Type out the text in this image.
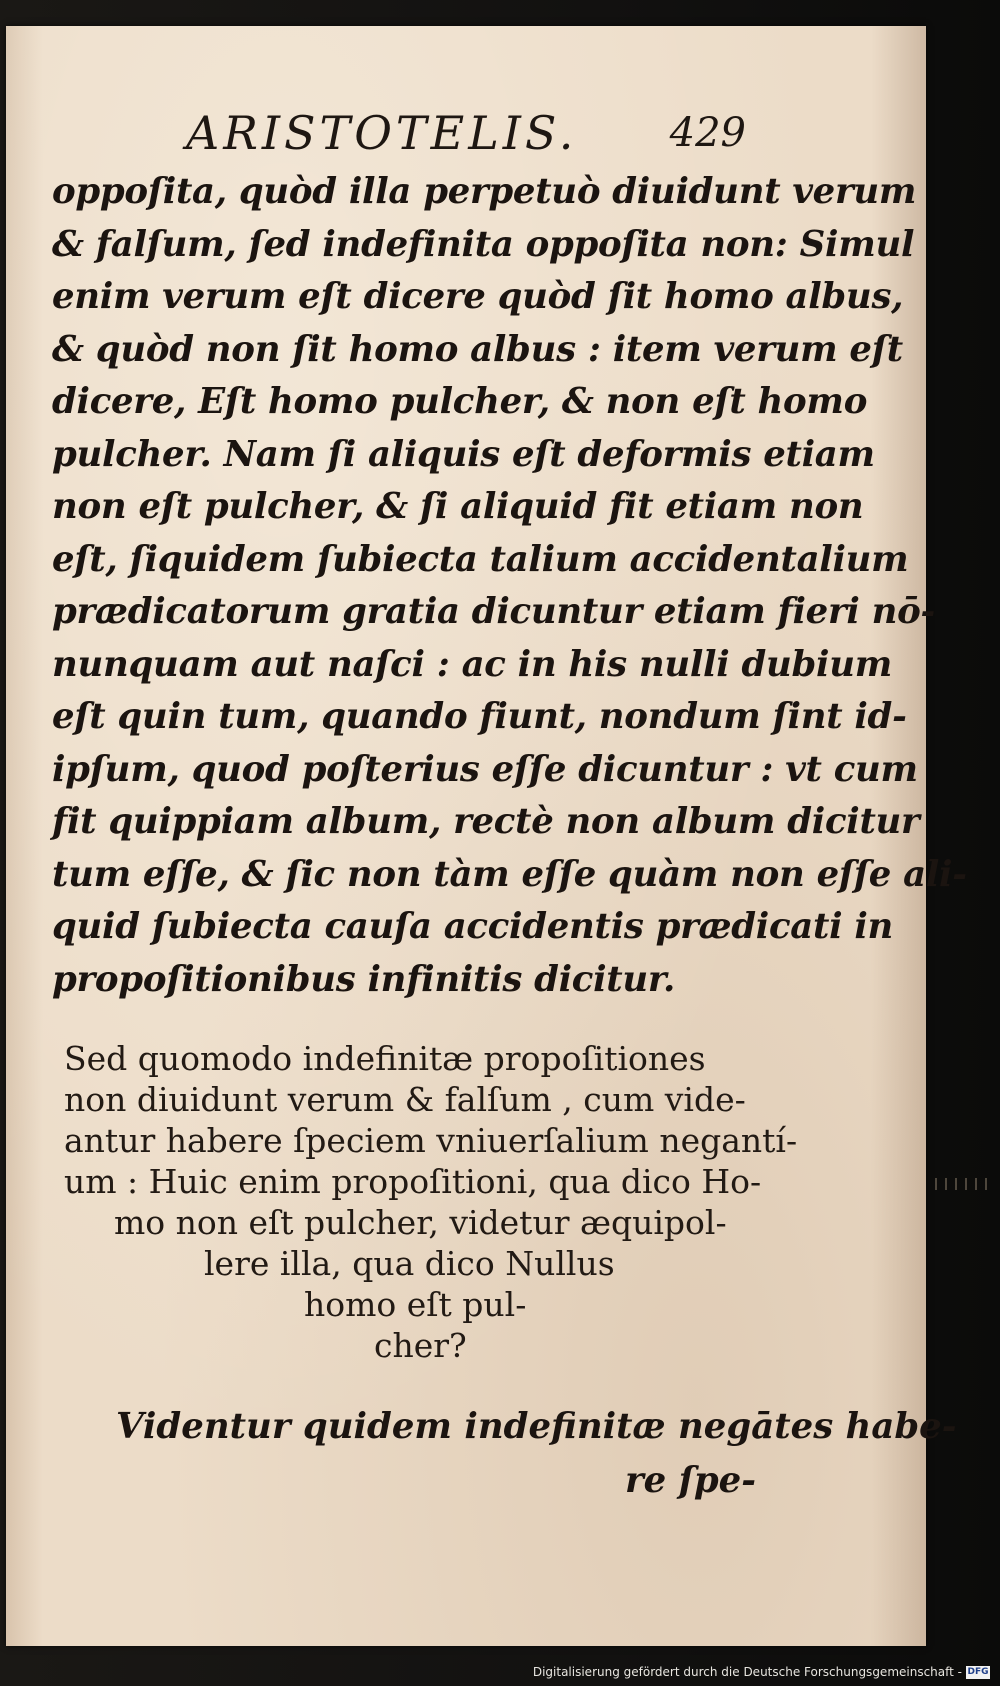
ARISTOTELIS. 429
oppoſita, quòd illa perpetuò diuidunt verum
& falſum, ſed indefinita oppoſita non: Simul
enim verum eſt dicere quòd ſit homo albus,
& quòd non ſit homo albus : item verum eſt
dicere, Eſt homo pulcher, & non eſt homo
pulcher. Nam ſi aliquis eſt deformis etiam
non eſt pulcher, & ſi aliquid fit etiam non
eſt, ſiquidem ſubiecta talium accidentalium
prædicatorum gratia dicuntur etiam fieri nō-
nunquam aut naſci : ac in his nulli dubium
eſt quin tum, quando fiunt, nondum ſint id-
ipſum, quod poſterius eſſe dicuntur : vt cum
fit quippiam album, rectè non album dicitur
tum eſſe, & ſic non tàm eſſe quàm non eſſe ali-
quid ſubiecta cauſa accidentis prædicati in
propoſitionibus infinitis dicitur.
Sed quomodo indefinitæ propoſitiones
non diuidunt verum & falſum , cum vide-
antur habere ſpeciem vniuerſalium negantí-
um : Huic enim propoſitioni, qua dico Ho-
mo non eſt pulcher, videtur æquipol-
lere illa, qua dico Nullus
homo eſt pul-
cher?
Videntur quidem indefinitæ negātes habe-
re ſpe-
Digitalisierung gefördert durch die Deutsche Forschungsgemeinschaft - DFG
